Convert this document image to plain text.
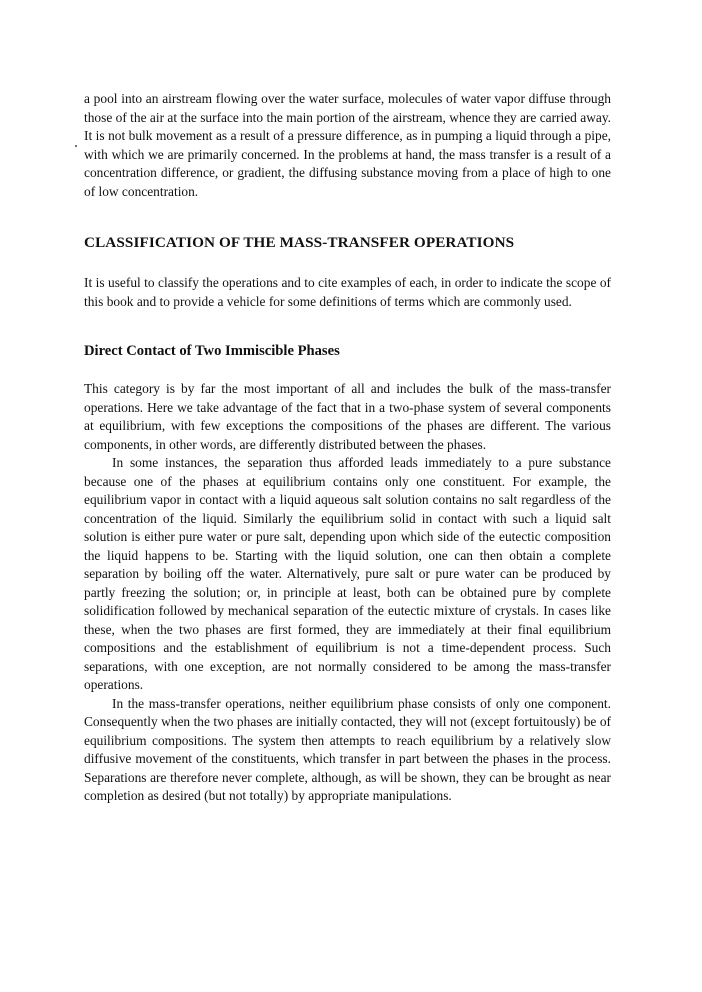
a pool into an airstream flowing over the water surface, molecules of water vapor diffuse through those of the air at the surface into the main portion of the airstream, whence they are carried away. It is not bulk movement as a result of a pressure difference, as in pumping a liquid through a pipe, with which we are primarily concerned. In the problems at hand, the mass transfer is a result of a concentration difference, or gradient, the diffusing substance moving from a place of high to one of low concentration.

CLASSIFICATION OF THE MASS-TRANSFER OPERATIONS

It is useful to classify the operations and to cite examples of each, in order to indicate the scope of this book and to provide a vehicle for some definitions of terms which are commonly used.

Direct Contact of Two Immiscible Phases

This category is by far the most important of all and includes the bulk of the mass-transfer operations. Here we take advantage of the fact that in a two-phase system of several components at equilibrium, with few exceptions the compositions of the phases are different. The various components, in other words, are differently distributed between the phases.

In some instances, the separation thus afforded leads immediately to a pure substance because one of the phases at equilibrium contains only one constituent. For example, the equilibrium vapor in contact with a liquid aqueous salt solution contains no salt regardless of the concentration of the liquid. Similarly the equilibrium solid in contact with such a liquid salt solution is either pure water or pure salt, depending upon which side of the eutectic composition the liquid happens to be. Starting with the liquid solution, one can then obtain a complete separation by boiling off the water. Alternatively, pure salt or pure water can be produced by partly freezing the solution; or, in principle at least, both can be obtained pure by complete solidification followed by mechanical separation of the eutectic mixture of crystals. In cases like these, when the two phases are first formed, they are immediately at their final equilibrium compositions and the establishment of equilibrium is not a time-dependent process. Such separations, with one exception, are not normally considered to be among the mass-transfer operations.

In the mass-transfer operations, neither equilibrium phase consists of only one component. Consequently when the two phases are initially contacted, they will not (except fortuitously) be of equilibrium compositions. The system then attempts to reach equilibrium by a relatively slow diffusive movement of the constituents, which transfer in part between the phases in the process. Separations are therefore never complete, although, as will be shown, they can be brought as near completion as desired (but not totally) by appropriate manipulations.
